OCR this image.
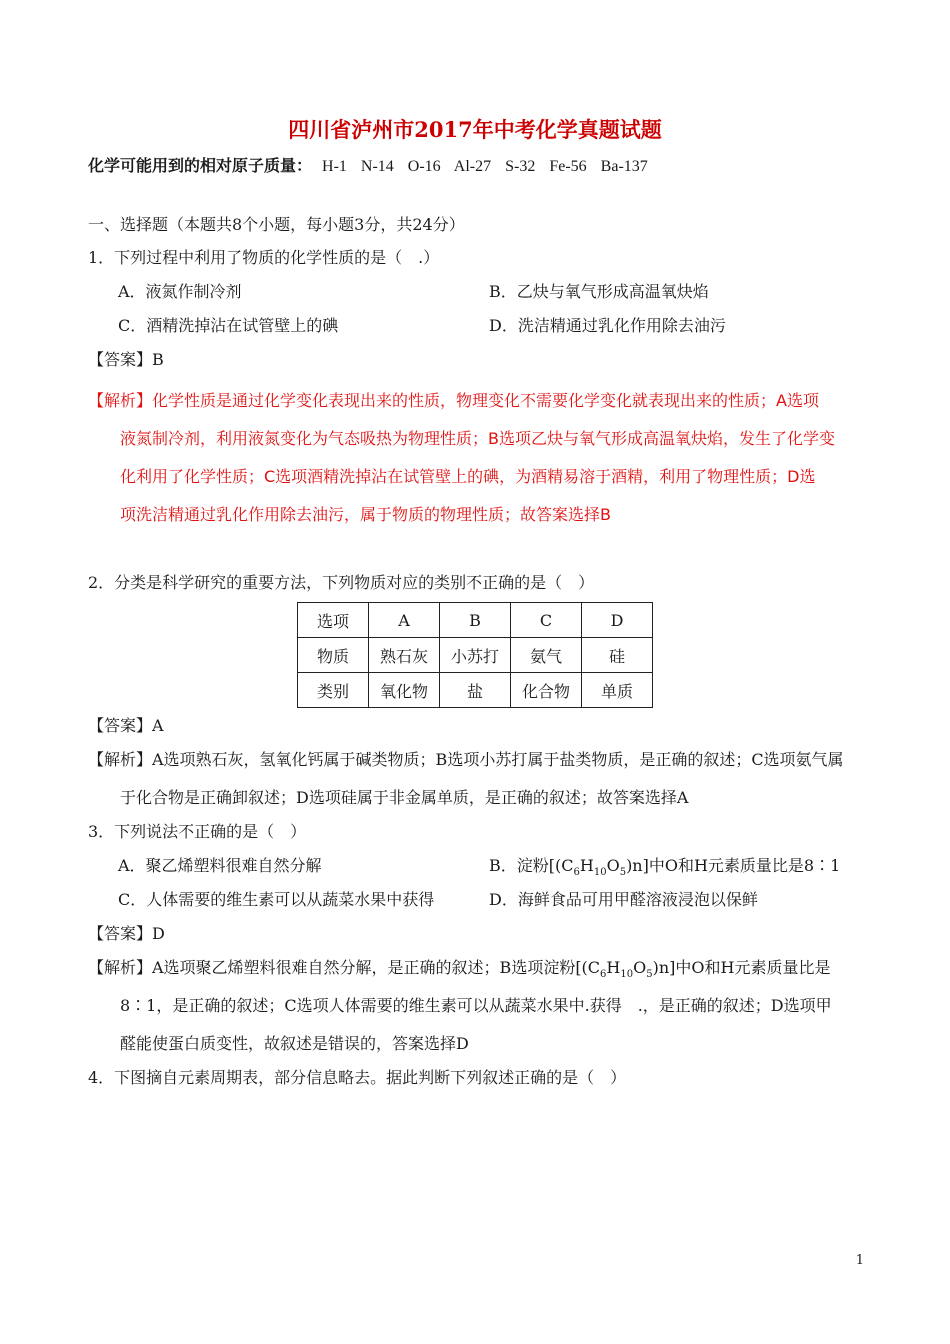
四川省泸州市2017年中考化学真题试题
化学可能用到的相对原子质量： H-1 N-14 O-16 Al-27 S-32 Fe-56 Ba-137
一、选择题（本题共8个小题，每小题3分，共24分）
1．下列过程中利用了物质的化学性质的是（　.）
A．液氮作制冷剂	B．乙炔与氧气形成高温氧炔焰
C．酒精洗掉沾在试管壁上的碘	D．洗洁精通过乳化作用除去油污
【答案】B
【解析】化学性质是通过化学变化表现出来的性质，物理变化不需要化学变化就表现出来的性质；A选项
液氮制冷剂，利用液氮变化为气态吸热为物理性质；B选项乙炔与氧气形成高温氧炔焰，发生了化学变
化利用了化学性质；C选项酒精洗掉沾在试管壁上的碘，为酒精易溶于酒精，利用了物理性质；D选
项洗洁精通过乳化作用除去油污，属于物质的物理性质；故答案选择B
2．分类是科学研究的重要方法，下列物质对应的类别不正确的是（　）
选项	A	B	C	D
物质	熟石灰	小苏打	氨气	硅
类别	氧化物	盐	化合物	单质
【答案】A
【解析】A选项熟石灰，氢氧化钙属于碱类物质；B选项小苏打属于盐类物质，是正确的叙述；C选项氨气属
于化合物是正确卸叙述；D选项硅属于非金属单质，是正确的叙述；故答案选择A
3．下列说法不正确的是（　）
A．聚乙烯塑料很难自然分解	B．淀粉$[(C_6H_{10}O_5)n]$中O和H元素质量比是8∶1
C．人体需要的维生素可以从蔬菜水果中获得	D．海鲜食品可用甲醛溶液浸泡以保鲜
【答案】D
【解析】A选项聚乙烯塑料很难自然分解，是正确的叙述；B选项淀粉$[(C_6H_{10}O_5)n]$中O和H元素质量比是
8∶1，是正确的叙述；C选项人体需要的维生素可以从蔬菜水果中.获得　.，是正确的叙述；D选项甲
醛能使蛋白质变性，故叙述是错误的，答案选择D
4．下图摘自元素周期表，部分信息略去。据此判断下列叙述正确的是（　）
1
